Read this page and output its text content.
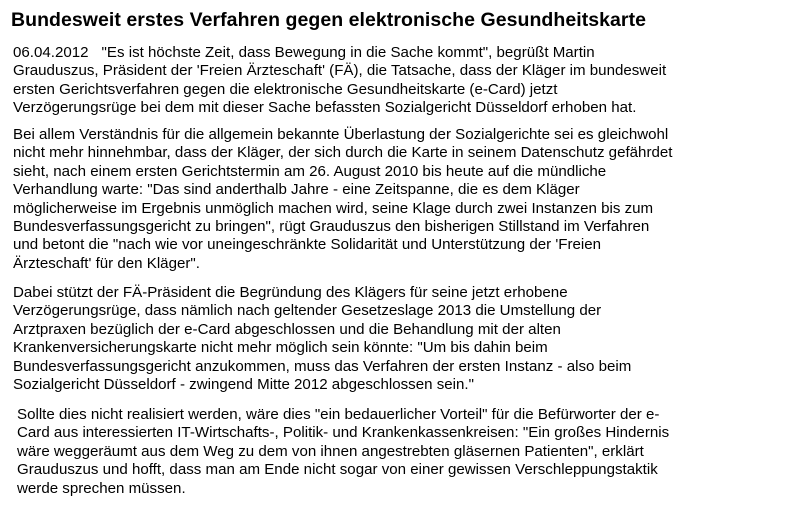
Bundesweit erstes Verfahren gegen elektronische Gesundheitskarte

06.04.2012 "Es ist höchste Zeit, dass Bewegung in die Sache kommt", begrüßt Martin
Grauduszus, Präsident der 'Freien Ärzteschaft' (FÄ), die Tatsache, dass der Kläger im bundesweit
ersten Gerichtsverfahren gegen die elektronische Gesundheitskarte (e-Card) jetzt
Verzögerungsrüge bei dem mit dieser Sache befassten Sozialgericht Düsseldorf erhoben hat.

Bei allem Verständnis für die allgemein bekannte Überlastung der Sozialgerichte sei es gleichwohl
nicht mehr hinnehmbar, dass der Kläger, der sich durch die Karte in seinem Datenschutz gefährdet
sieht, nach einem ersten Gerichtstermin am 26. August 2010 bis heute auf die mündliche
Verhandlung warte: "Das sind anderthalb Jahre - eine Zeitspanne, die es dem Kläger
möglicherweise im Ergebnis unmöglich machen wird, seine Klage durch zwei Instanzen bis zum
Bundesverfassungsgericht zu bringen", rügt Grauduszus den bisherigen Stillstand im Verfahren
und betont die "nach wie vor uneingeschränkte Solidarität und Unterstützung der 'Freien
Ärzteschaft' für den Kläger".

Dabei stützt der FÄ-Präsident die Begründung des Klägers für seine jetzt erhobene
Verzögerungsrüge, dass nämlich nach geltender Gesetzeslage 2013 die Umstellung der
Arztpraxen bezüglich der e-Card abgeschlossen und die Behandlung mit der alten
Krankenversicherungskarte nicht mehr möglich sein könnte: "Um bis dahin beim
Bundesverfassungsgericht anzukommen, muss das Verfahren der ersten Instanz - also beim
Sozialgericht Düsseldorf - zwingend Mitte 2012 abgeschlossen sein."

Sollte dies nicht realisiert werden, wäre dies "ein bedauerlicher Vorteil" für die Befürworter der e-
Card aus interessierten IT-Wirtschafts-, Politik- und Krankenkassenkreisen: "Ein großes Hindernis
wäre weggeräumt aus dem Weg zu dem von ihnen angestrebten gläsernen Patienten", erklärt
Grauduszus und hofft, dass man am Ende nicht sogar von einer gewissen Verschleppungstaktik
werde sprechen müssen.
